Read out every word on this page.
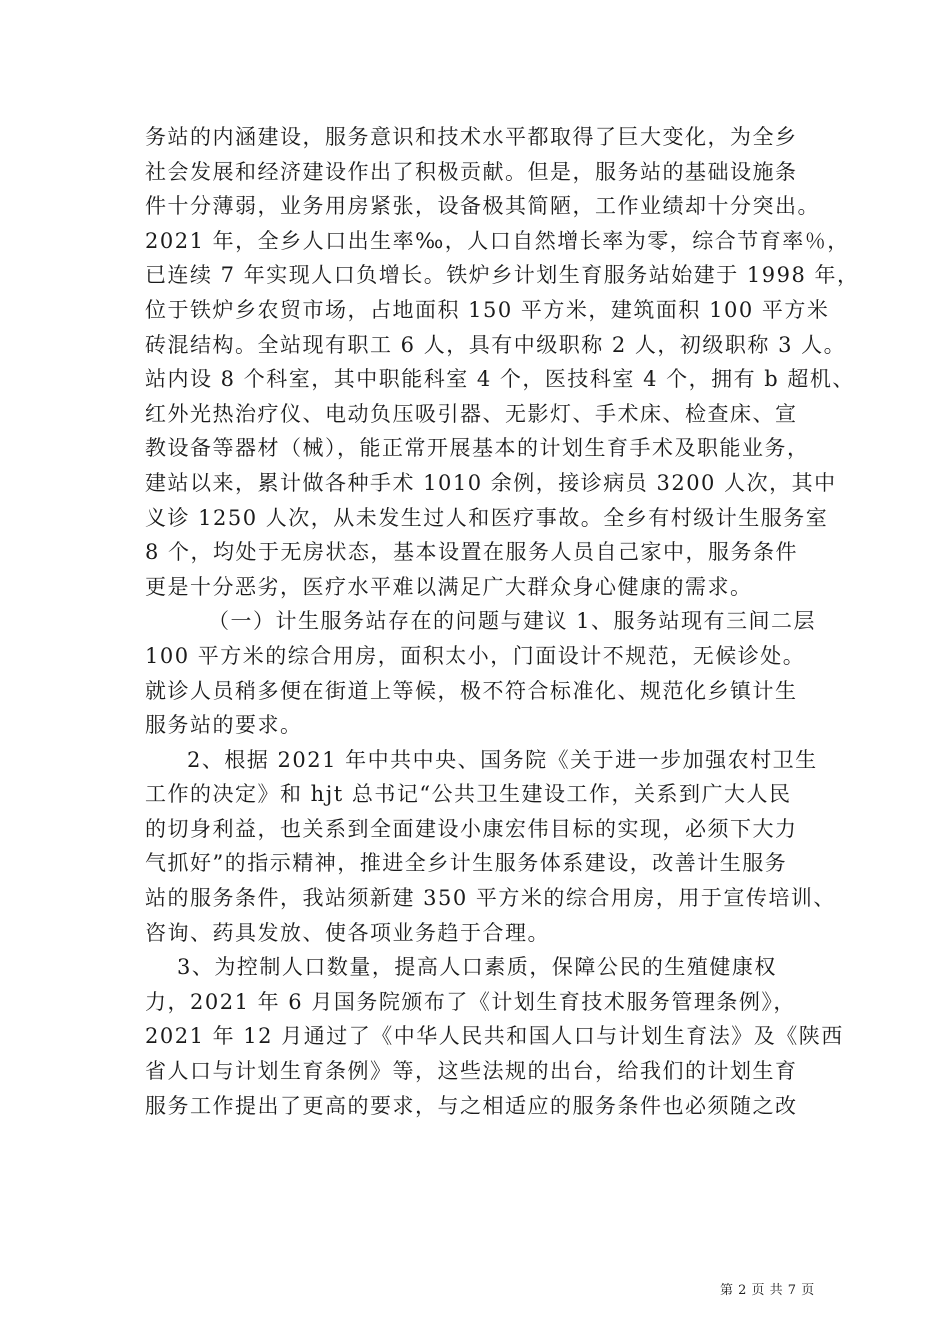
务站的内涵建设，服务意识和技术水平都取得了巨大变化，为全乡
社会发展和经济建设作出了积极贡献。但是，服务站的基础设施条
件十分薄弱，业务用房紧张，设备极其简陋，工作业绩却十分突出。
2021 年，全乡人口出生率‰，人口自然增长率为零，综合节育率％，
已连续 7 年实现人口负增长。铁炉乡计划生育服务站始建于 1998 年，
位于铁炉乡农贸市场，占地面积 150 平方米，建筑面积 100 平方米
砖混结构。全站现有职工 6 人，具有中级职称 2 人，初级职称 3 人。
站内设 8 个科室，其中职能科室 4 个，医技科室 4 个，拥有 b 超机、
红外光热治疗仪、电动负压吸引器、无影灯、手术床、检查床、宣
教设备等器材（械），能正常开展基本的计划生育手术及职能业务，
建站以来，累计做各种手术 1010 余例，接诊病员 3200 人次，其中
义诊 1250 人次，从未发生过人和医疗事故。全乡有村级计生服务室
8 个，均处于无房状态，基本设置在服务人员自己家中，服务条件
更是十分恶劣，医疗水平难以满足广大群众身心健康的需求。
（一）计生服务站存在的问题与建议 1、服务站现有三间二层
100 平方米的综合用房，面积太小，门面设计不规范，无候诊处。
就诊人员稍多便在街道上等候，极不符合标准化、规范化乡镇计生
服务站的要求。
2、根据 2021 年中共中央、国务院《关于进一步加强农村卫生
工作的决定》和 hjt 总书记“公共卫生建设工作，关系到广大人民
的切身利益，也关系到全面建设小康宏伟目标的实现，必须下大力
气抓好”的指示精神，推进全乡计生服务体系建设，改善计生服务
站的服务条件，我站须新建 350 平方米的综合用房，用于宣传培训、
咨询、药具发放、使各项业务趋于合理。
3、为控制人口数量，提高人口素质，保障公民的生殖健康权
力，2021 年 6 月国务院颁布了《计划生育技术服务管理条例》，
2021 年 12 月通过了《中华人民共和国人口与计划生育法》及《陕西
省人口与计划生育条例》等，这些法规的出台，给我们的计划生育
服务工作提出了更高的要求，与之相适应的服务条件也必须随之改
第 2 页 共 7 页
